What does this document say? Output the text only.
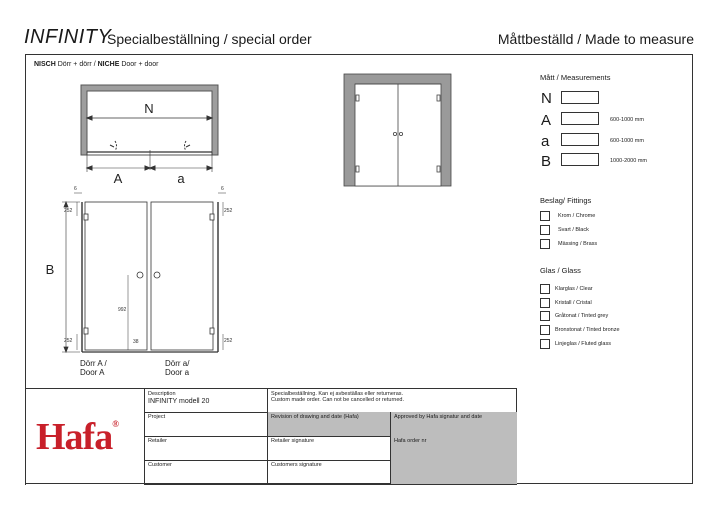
INFINITY
Specialbeställning / special order	Måttbeställd / Made to measure
NISCH Dörr + dörr / NICHE Door + door
N
A	a
B
6	6
252	252
252	252
992
38
Dörr A /
Door A
Dörr a/
Door a
Mått / Measurements
N
A	600-1000 mm
a	600-1000 mm
B	1000-2000 mm
Beslag/ Fittings
Krom / Chrome
Svart / Black
Mässing / Brass
Glas / Glass
Klarglas / Clear
Kristall / Cristal
Gråtonat / Tinted grey
Bronstonat / Tinted bronze
Linjeglas / Fluted glass
Description
INFINITY modell 20
Specialbeställning. Kan ej avbeställas eller returneras.
Custom made order. Can not be cancelled or returned.
Project	Revision of drawing and date (Hafa)	Approved by Hafa signatur and date
Retailer	Retailer signature	Hafa order nr
Customer	Customers signature
Hafa®
